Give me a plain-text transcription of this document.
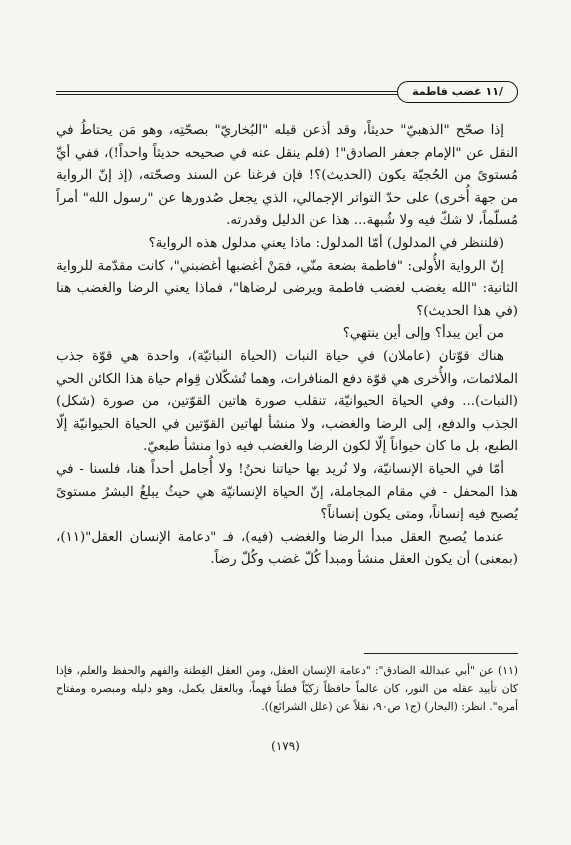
/١١ غضب فاطمة

إذا صحّح "الذهبيّ" حديثاً، وقد أذعن قبله "البُخاريّ" بصحّتِه، وهو مَن يحتاطُ في النقل عن "الإمام جعفر الصادق"! (فلم ينقل عنه في صحيحه حديثاً واحداً!)، ففي أيِّ مُستوىً من الحُجيّة يكون (الحديث)؟! فإن فرغنا عن السند وصحّته، (إذ إنّ الرواية من جهة أُخرى) على حدّ التواتر الإجمالي، الذي يجعل صُدورها عن "رسول الله" أمراً مُسلّماً، لا شكّ فيه ولا شُبهة... هذا عن الدليل وقدرته.

(فلننظر في المدلول) أمّا المدلول: ماذا يعني مدلول هذه الرواية؟

إنّ الرواية الأُولى: "فاطمة بضعة منّي، فمَنْ أغضبها أغضبني"، كانت مقدّمة للرواية الثانية: "الله يغضب لغضب فاطمة ويرضى لرضاها"، فماذا يعني الرضا والغضب هنا (في هذا الحديث)؟

من أين يبدأ؟ وإلى أين ينتهي؟

هناك قوّتان (عاملان) في حياة النبات (الحياة النباتيّة)، واحدة هي قوّة جذب الملائمات، والأُخرى هي قوّة دفع المنافرات، وهما تُشكّلان قِوام حياة هذا الكائن الحي (النبات)... وفي الحياة الحيوانيّة، تنقلب صورة هاتين القوّتين، من صورة (شكل) الجذب والدفع، إلى الرضا والغضب، ولا منشأ لهاتين القوّتين في الحياة الحيوانيّة إلّا الطبع، بل ما كان حيواناً إلّا لكون الرضا والغضب فيه ذوا منشأ طبعيّ.

أمّا في الحياة الإنسانيّة، ولا نُريد بها حياتنا نحنُ! ولا أُجامل أحداً هنا، فلسنا - في هذا المحفل - في مقام المجاملة، إنّ الحياة الإنسانيّة هي حيثُ يبلغُ البشرُ مستوىً يُصبح فيه إنساناً، ومتى يكون إنساناً؟

عندما يُصبح العقل مبدأ الرضا والغضب (فيه)، فـ "دعامة الإنسان العقل"(١١)، (بمعنى) أن يكون العقل منشأ ومبدأ كُلّ غضب وكُلّ رضاً.

(١١) عن "أبي عبدالله الصادق": "دعامة الإنسان العقل، ومن العقل الفِطنة والفهم والحفظ والعلم، فإذا كان تأييد عقله من النور، كان عالماً حافظاً زكيّاً فطناً فهماً، وبالعقل يكمل، وهو دليله ومبصره ومفتاح أمره". انظر: (البحار) (ج١ ص٩٠، نقلاً عن (علل الشرائع)).

(١٧٩)
